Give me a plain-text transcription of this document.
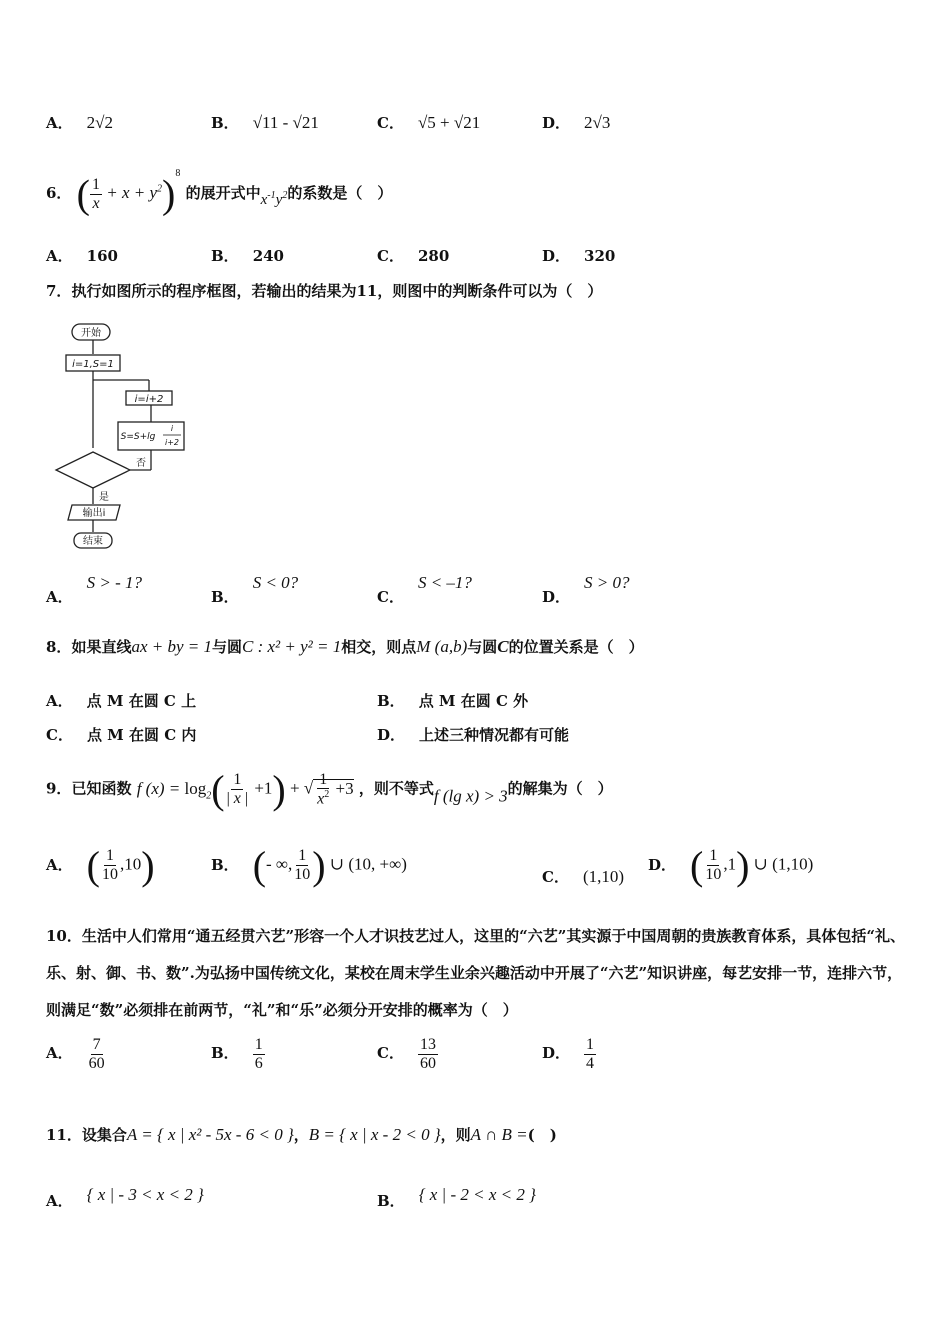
A． 2√2	B． √11 - √21	C． √5 + √21	D． 2√3
6． ( $\frac{1}{x} + x + y^2)^8$ 的展开式中$x^{-1}y^2$的系数是（　）
A． 160	B． 240	C． 280	D． 320
7．执行如图所示的程序框图，若输出的结果为11，则图中的判断条件可以为（　）
开始
i=1,S=1
i=i+2
S=S+lg
i
i+2
否
是
输出i
结束
A．S > - 1?
B．S < 0?
C．S < –1?
D．S > 0?
8．如果直线ax + by = 1与圆C : x² + y² = 1相交，则点M (a,b)与圆C的位置关系是（　）
A． 点 M 在圆 C 上	B． 点 M 在圆 C 外
C． 点 M 在圆 C 内	D． 上述三种情况都有可能
9．已知函数 f $(x) = \log_2( \frac{1}{| x |} +1)$ + √ $\frac{1}{x^2} +3$ ，则不等式f (lg x) > 3的解集为（　）
A． ( $\frac{1}{10} ,10$)	B． (- ∞, $\frac{1}{10}$ ) ∪ (10, +∞)
C． (1,10)
D． ( $\frac{1}{10} ,1$) ∪ (1,10)
10．生活中人们常用“通五经贯六艺”形容一个人才识技艺过人，这里的“六艺”其实源于中国周朝的贵族教育体系，具体包括“礼、乐、射、御、书、数”.为弘扬中国传统文化，某校在周末学生业余兴趣活动中开展了“六艺”知识讲座，每艺安排一节，连排六节，则满足“数”必须排在前两节，“礼”和“乐”必须分开安排的概率为（　）
A． $\frac{7}{60}$	B． $\frac{1}{6}$	C． $\frac{13}{60}$	D． $\frac{1}{4}$
11．设集合A = { x | x² - 5x - 6 < 0 }，B = { x | x - 2 < 0 }，则A ∩ B =(　)
A． { x | - 3 < x < 2 }	B． { x | - 2 < x < 2 }
